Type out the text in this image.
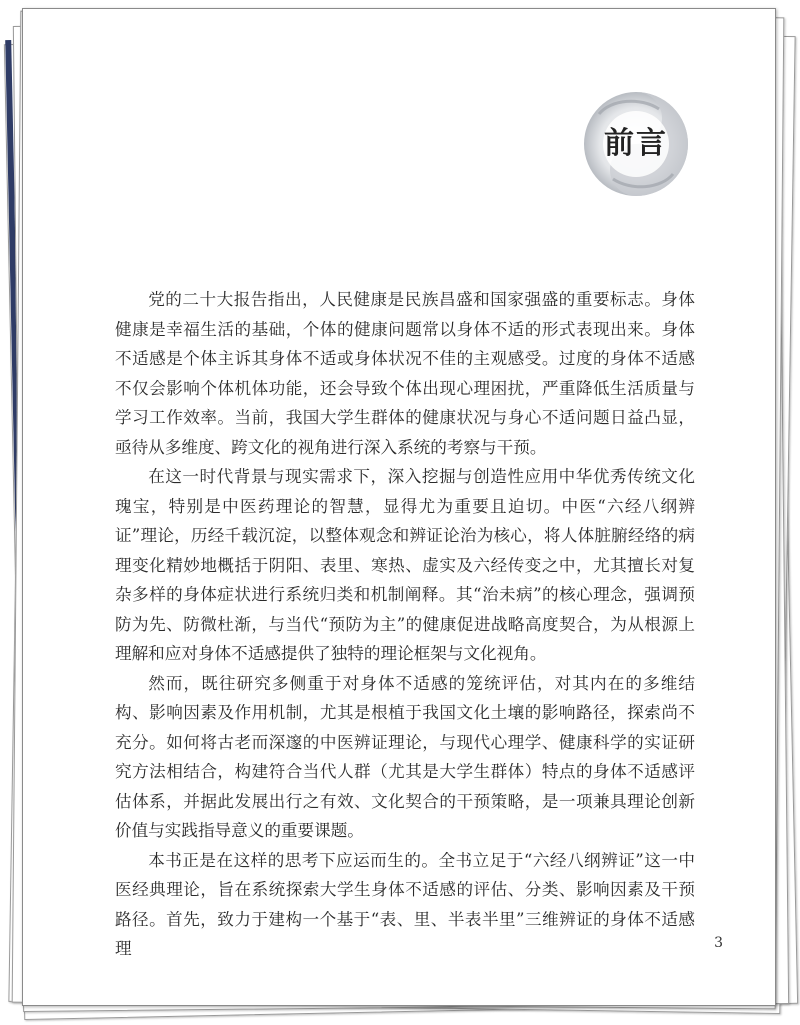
前言

党的二十大报告指出，人民健康是民族昌盛和国家强盛的重要标志。身体健康是幸福生活的基础，个体的健康问题常以身体不适的形式表现出来。身体不适感是个体主诉其身体不适或身体状况不佳的主观感受。过度的身体不适感不仅会影响个体机体功能，还会导致个体出现心理困扰，严重降低生活质量与学习工作效率。当前，我国大学生群体的健康状况与身心不适问题日益凸显，亟待从多维度、跨文化的视角进行深入系统的考察与干预。

在这一时代背景与现实需求下，深入挖掘与创造性应用中华优秀传统文化瑰宝，特别是中医药理论的智慧，显得尤为重要且迫切。中医“六经八纲辨证”理论，历经千载沉淀，以整体观念和辨证论治为核心，将人体脏腑经络的病理变化精妙地概括于阴阳、表里、寒热、虚实及六经传变之中，尤其擅长对复杂多样的身体症状进行系统归类和机制阐释。其“治未病”的核心理念，强调预防为先、防微杜渐，与当代“预防为主”的健康促进战略高度契合，为从根源上理解和应对身体不适感提供了独特的理论框架与文化视角。

然而，既往研究多侧重于对身体不适感的笼统评估，对其内在的多维结构、影响因素及作用机制，尤其是根植于我国文化土壤的影响路径，探索尚不充分。如何将古老而深邃的中医辨证理论，与现代心理学、健康科学的实证研究方法相结合，构建符合当代人群（尤其是大学生群体）特点的身体不适感评估体系，并据此发展出行之有效、文化契合的干预策略，是一项兼具理论创新价值与实践指导意义的重要课题。

本书正是在这样的思考下应运而生的。全书立足于“六经八纲辨证”这一中医经典理论，旨在系统探索大学生身体不适感的评估、分类、影响因素及干预路径。首先，致力于建构一个基于“表、里、半表半里”三维辨证的身体不适感理	3
